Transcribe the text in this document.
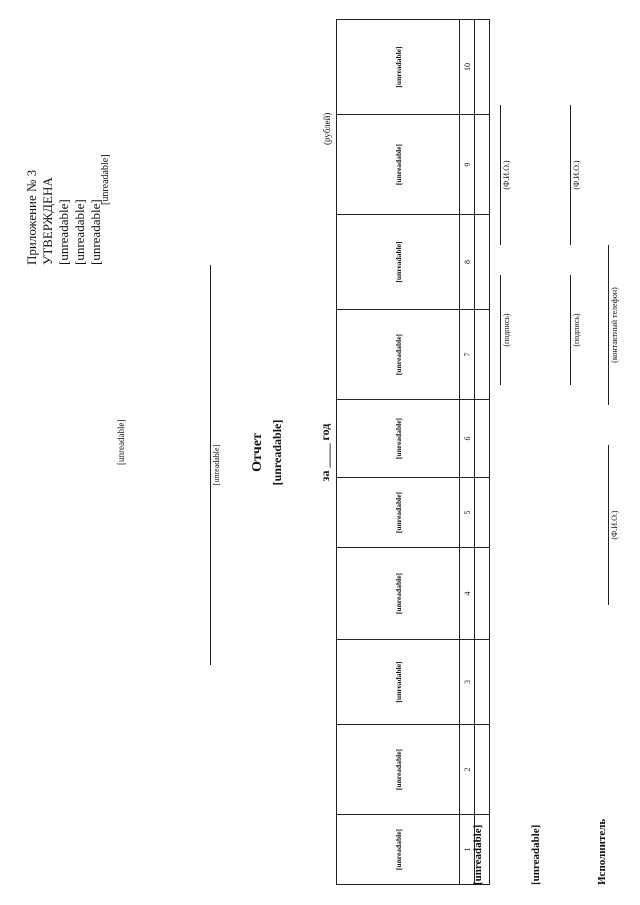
Приложение № 3 УТВЕРЖДЕНА [unreadable] [unreadable] [unreadable]
[unreadable]
[unreadable]
[unreadable] Отчет [unreadable]	за ____ год
(рублей)
[unreadable]	[unreadable]	[unreadable]	[unreadable]	[unreadable]	[unreadable]	[unreadable]	[unreadable]	[unreadable]	[unreadable]
1	2	3	4	5	6	7	8	9	10

[unreadable]
(подпись)
(Ф.И.О.)
[unreadable]
(подпись)
(Ф.И.О.)
Исполнитель
(Ф.И.О.)
(контактный телефон)
